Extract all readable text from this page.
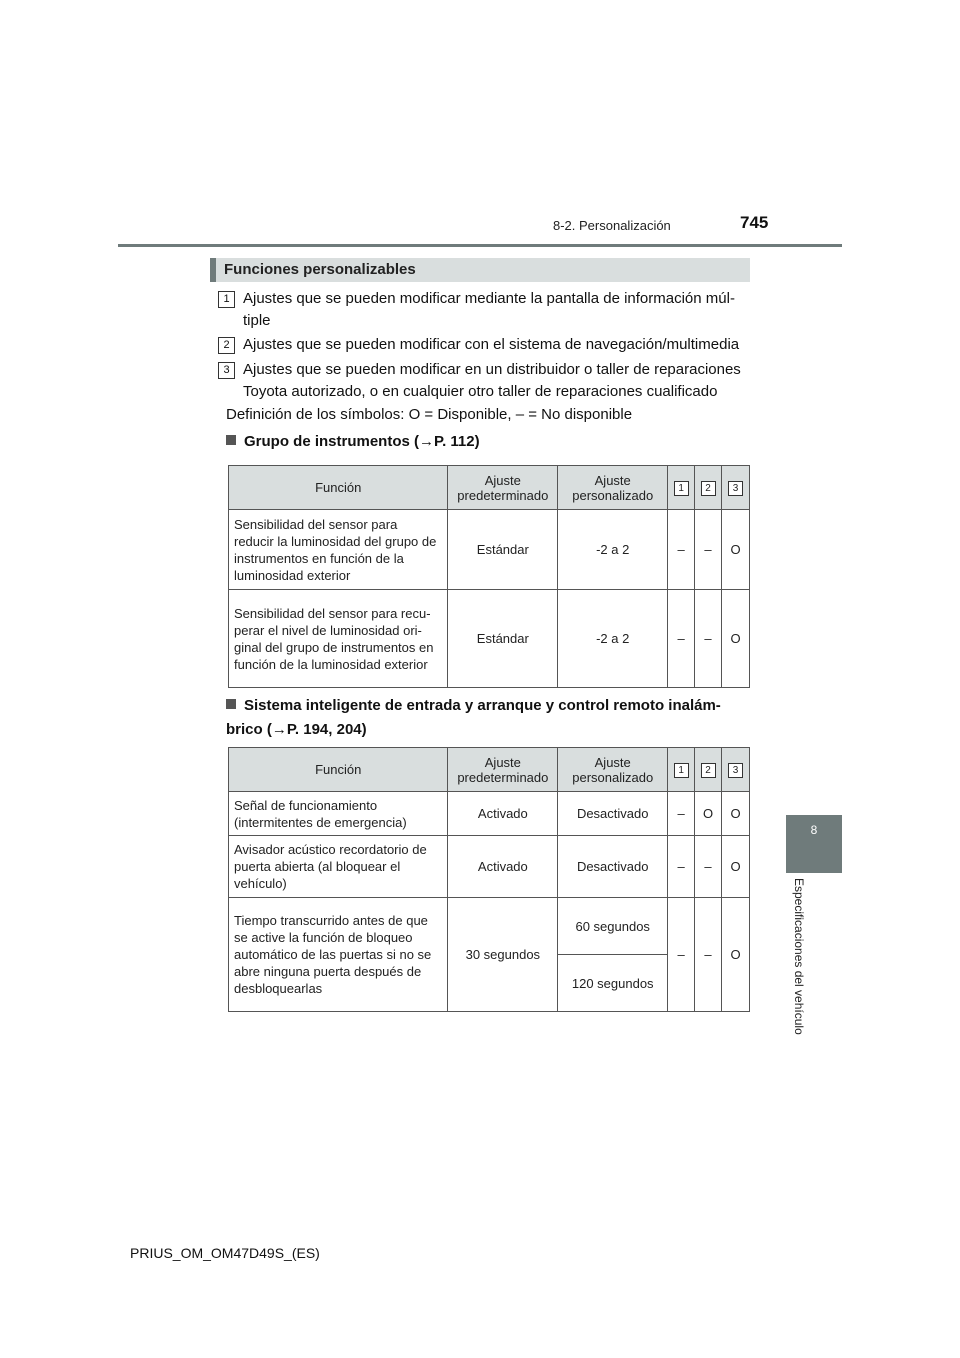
8-2. Personalización	745
8
Especificaciones del vehículo
Funciones personalizables
1 Ajustes que se pueden modificar mediante la pantalla de información múl-tiple
2 Ajustes que se pueden modificar con el sistema de navegación/multimedia
3 Ajustes que se pueden modificar en un distribuidor o taller de reparaciones Toyota autorizado, o en cualquier otro taller de reparaciones cualificado
Definición de los símbolos: O = Disponible, – = No disponible
Grupo de instrumentos (→P. 112)
Función	Ajuste predeterminado	Ajuste personalizado	1	2	3
Sensibilidad del sensor para reducir la luminosidad del grupo de instrumentos en función de la luminosidad exterior	Estándar	-2 a 2	–	–	O
Sensibilidad del sensor para recu-perar el nivel de luminosidad ori-ginal del grupo de instrumentos en función de la luminosidad exterior	Estándar	-2 a 2	–	–	O
Sistema inteligente de entrada y arranque y control remoto inalám-brico (→P. 194, 204)
Función	Ajuste predeterminado	Ajuste personalizado	1	2	3
Señal de funcionamiento (intermitentes de emergencia)	Activado	Desactivado	–	O	O
Avisador acústico recordatorio de puerta abierta (al bloquear el vehículo)	Activado	Desactivado	–	–	O
Tiempo transcurrido antes de que se active la función de bloqueo automático de las puertas si no se abre ninguna puerta después de desbloquearlas	30 segundos	60 segundos	–	–	O
		120 segundos			
PRIUS_OM_OM47D49S_(ES)
